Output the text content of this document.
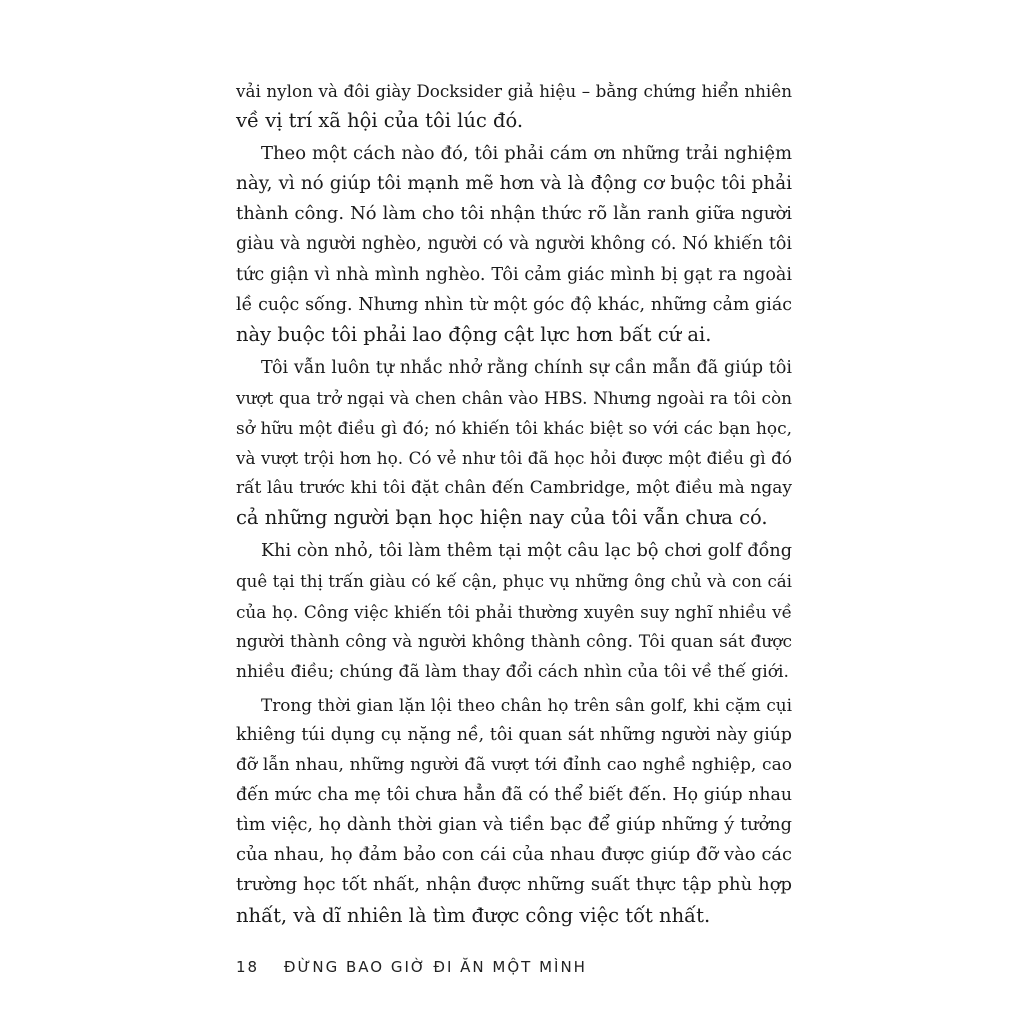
vải nylon và đôi giày Docksider giả hiệu – bằng chứng hiển nhiên
về vị trí xã hội của tôi lúc đó.
Theo một cách nào đó, tôi phải cám ơn những trải nghiệm
này, vì nó giúp tôi mạnh mẽ hơn và là động cơ buộc tôi phải
thành công. Nó làm cho tôi nhận thức rõ lằn ranh giữa người
giàu và người nghèo, người có và người không có. Nó khiến tôi
tức giận vì nhà mình nghèo. Tôi cảm giác mình bị gạt ra ngoài
lề cuộc sống. Nhưng nhìn từ một góc độ khác, những cảm giác
này buộc tôi phải lao động cật lực hơn bất cứ ai.
Tôi vẫn luôn tự nhắc nhở rằng chính sự cần mẫn đã giúp tôi
vượt qua trở ngại và chen chân vào HBS. Nhưng ngoài ra tôi còn
sở hữu một điều gì đó; nó khiến tôi khác biệt so với các bạn học,
và vượt trội hơn họ. Có vẻ như tôi đã học hỏi được một điều gì đó
rất lâu trước khi tôi đặt chân đến Cambridge, một điều mà ngay
cả những người bạn học hiện nay của tôi vẫn chưa có.
Khi còn nhỏ, tôi làm thêm tại một câu lạc bộ chơi golf đồng
quê tại thị trấn giàu có kế cận, phục vụ những ông chủ và con cái
của họ. Công việc khiến tôi phải thường xuyên suy nghĩ nhiều về
người thành công và người không thành công. Tôi quan sát được
nhiều điều; chúng đã làm thay đổi cách nhìn của tôi về thế giới.
Trong thời gian lặn lội theo chân họ trên sân golf, khi cặm cụi
khiêng túi dụng cụ nặng nề, tôi quan sát những người này giúp
đỡ lẫn nhau, những người đã vượt tới đỉnh cao nghề nghiệp, cao
đến mức cha mẹ tôi chưa hẳn đã có thể biết đến. Họ giúp nhau
tìm việc, họ dành thời gian và tiền bạc để giúp những ý tưởng
của nhau, họ đảm bảo con cái của nhau được giúp đỡ vào các
trường học tốt nhất, nhận được những suất thực tập phù hợp
nhất, và dĩ nhiên là tìm được công việc tốt nhất.
18 ĐỪNG BAO GIỜ ĐI ĂN MỘT MÌNH
